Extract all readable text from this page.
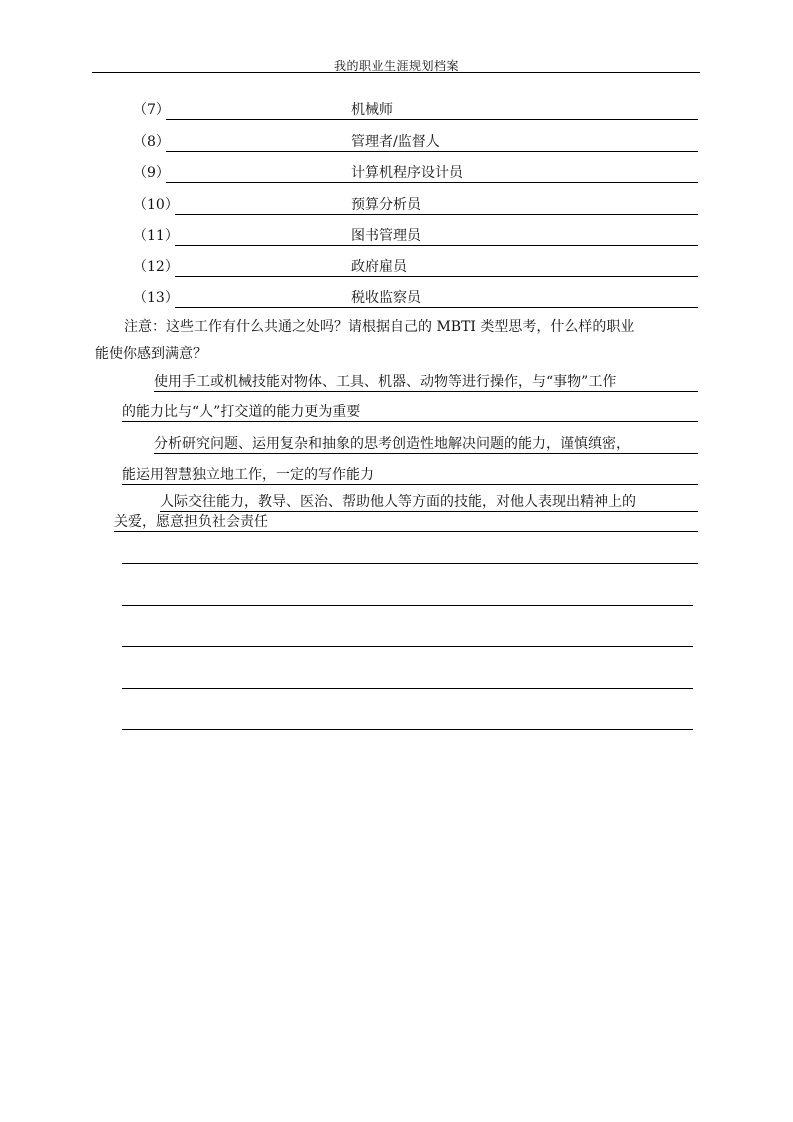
我的职业生涯规划档案
（7）	机械师
（8）	管理者/监督人
（9）	计算机程序设计员
（10）	预算分析员
（11）	图书管理员
（12）	政府雇员
（13）	税收监察员
注意：这些工作有什么共通之处吗？请根据自己的 MBTI 类型思考，什么样的职业
能使你感到满意？
使用手工或机械技能对物体、工具、机器、动物等进行操作，与“事物”工作
的能力比与“人”打交道的能力更为重要
分析研究问题、运用复杂和抽象的思考创造性地解决问题的能力，谨慎缜密，
能运用智慧独立地工作，一定的写作能力
人际交往能力，教导、医治、帮助他人等方面的技能，对他人表现出精神上的
关爱，愿意担负社会责任
